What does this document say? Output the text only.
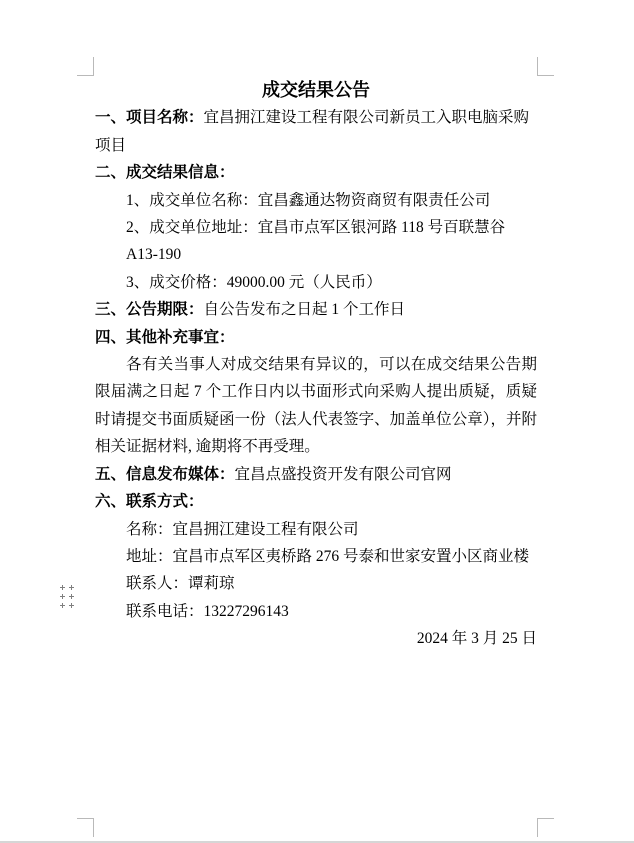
成交结果公告

一、项目名称：宜昌拥江建设工程有限公司新员工入职电脑采购项目

二、成交结果信息：

1、成交单位名称：宜昌鑫通达物资商贸有限责任公司

2、成交单位地址：宜昌市点军区银河路 118 号百联慧谷 A13-190

3、成交价格：49000.00 元（人民币）

三、公告期限：自公告发布之日起 1 个工作日

四、其他补充事宜：

各有关当事人对成交结果有异议的，可以在成交结果公告期限届满之日起 7 个工作日内以书面形式向采购人提出质疑，质疑时请提交书面质疑函一份（法人代表签字、加盖单位公章），并附相关证据材料, 逾期将不再受理。

五、信息发布媒体：宜昌点盛投资开发有限公司官网

六、联系方式：

名称：宜昌拥江建设工程有限公司

地址：宜昌市点军区夷桥路 276 号泰和世家安置小区商业楼

联系人：谭莉琼

联系电话：13227296143

2024 年 3 月 25 日
